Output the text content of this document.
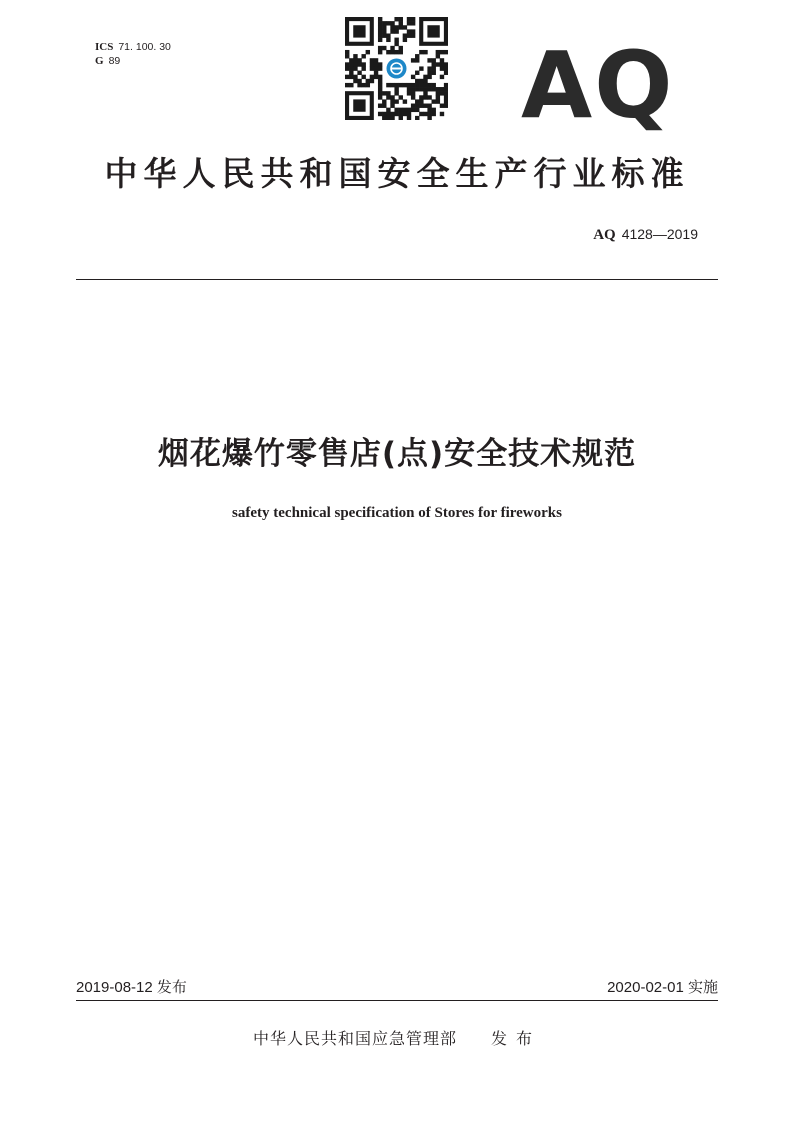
ICS 71. 100. 30
G 89	AQ
中华人民共和国安全生产行业标准
AQ 4128—2019
烟花爆竹零售店(点)安全技术规范
safety technical specification of Stores for fireworks
2019-08-12 发布	2020-02-01 实施
中华人民共和国应急管理部 发布
